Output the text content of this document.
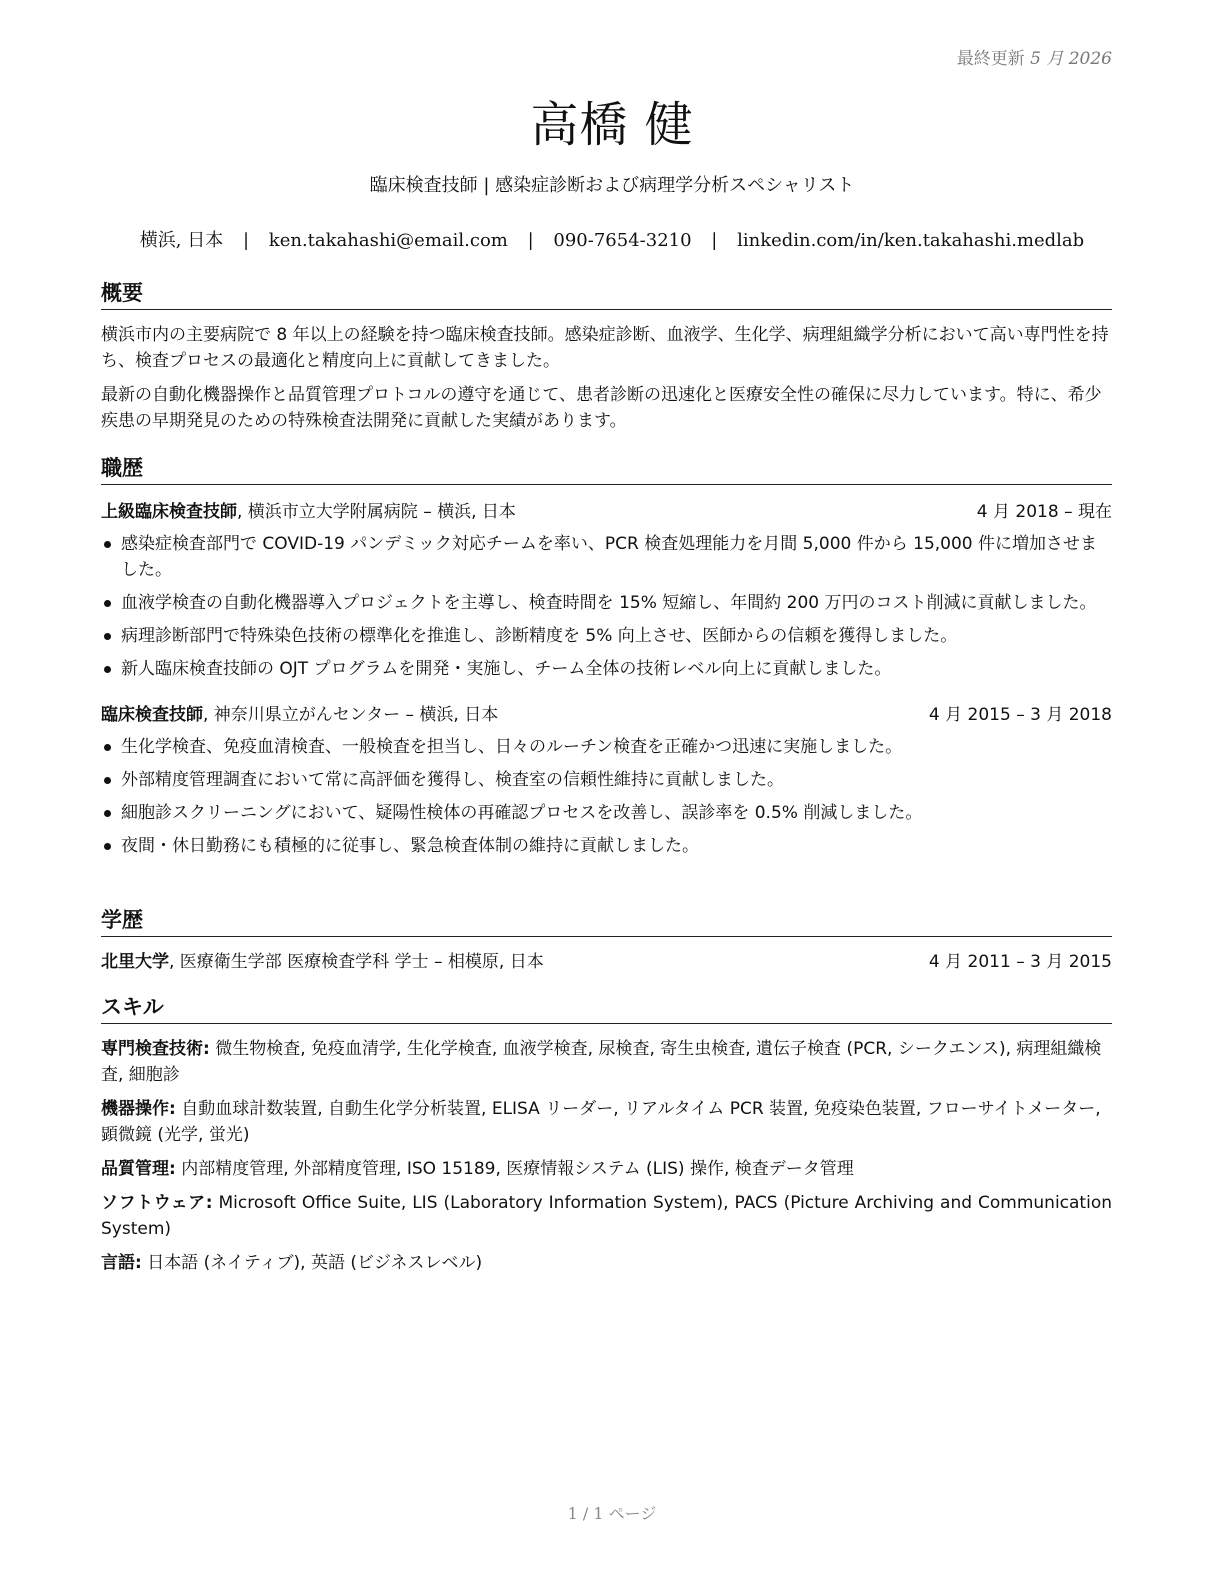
最終更新 5 月 2026
高橋 健
臨床検査技師 | 感染症診断および病理学分析スペシャリスト
横浜, 日本 | ken.takahashi@email.com | 090-7654-3210 | linkedin.com/in/ken.takahashi.medlab
概要

横浜市内の主要病院で 8 年以上の経験を持つ臨床検査技師。感染症診断、血液学、生化学、病理組織学分析において高い専門性を持ち、検査プロセスの最適化と精度向上に貢献してきました。

最新の自動化機器操作と品質管理プロトコルの遵守を通じて、患者診断の迅速化と医療安全性の確保に尽力しています。特に、希少疾患の早期発見のための特殊検査法開発に貢献した実績があります。

職歴
上級臨床検査技師, 横浜市立大学附属病院 – 横浜, 日本	4 月 2018 – 現在
感染症検査部門で COVID-19 パンデミック対応チームを率い、PCR 検査処理能力を月間 5,000 件から 15,000 件に増加させました。
血液学検査の自動化機器導入プロジェクトを主導し、検査時間を 15% 短縮し、年間約 200 万円のコスト削減に貢献しました。
病理診断部門で特殊染色技術の標準化を推進し、診断精度を 5% 向上させ、医師からの信頼を獲得しました。
新人臨床検査技師の OJT プログラムを開発・実施し、チーム全体の技術レベル向上に貢献しました。
臨床検査技師, 神奈川県立がんセンター – 横浜, 日本	4 月 2015 – 3 月 2018
生化学検査、免疫血清検査、一般検査を担当し、日々のルーチン検査を正確かつ迅速に実施しました。
外部精度管理調査において常に高評価を獲得し、検査室の信頼性維持に貢献しました。
細胞診スクリーニングにおいて、疑陽性検体の再確認プロセスを改善し、誤診率を 0.5% 削減しました。
夜間・休日勤務にも積極的に従事し、緊急検査体制の維持に貢献しました。
学歴
北里大学, 医療衛生学部 医療検査学科 学士 – 相模原, 日本	4 月 2011 – 3 月 2015
スキル
専門検査技術: 微生物検査, 免疫血清学, 生化学検査, 血液学検査, 尿検査, 寄生虫検査, 遺伝子検査 (PCR, シークエンス), 病理組織検査, 細胞診
機器操作: 自動血球計数装置, 自動生化学分析装置, ELISA リーダー, リアルタイム PCR 装置, 免疫染色装置, フローサイトメーター, 顕微鏡 (光学, 蛍光)
品質管理: 内部精度管理, 外部精度管理, ISO 15189, 医療情報システム (LIS) 操作, 検査データ管理
ソフトウェア: Microsoft Office Suite, LIS (Laboratory Information System), PACS (Picture Archiving and Communication System)
言語: 日本語 (ネイティブ), 英語 (ビジネスレベル)
1 / 1 ページ
